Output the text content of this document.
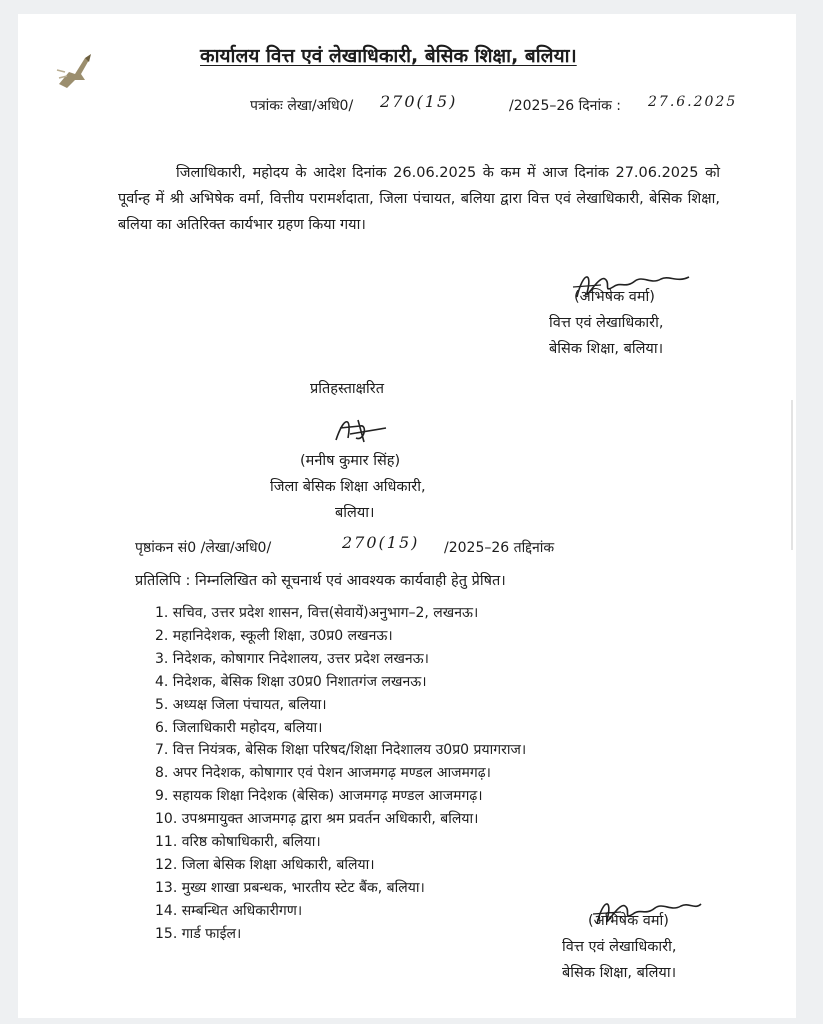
कार्यालय वित्त एवं लेखाधिकारी, बेसिक शिक्षा, बलिया।
पत्रांकः लेखा/अधि0/ 270(15)	/2025–26 दिनांक : 27.6.2025
जिलाधिकारी, महोदय के आदेश दिनांक 26.06.2025 के कम में आज दिनांक 27.06.2025 को पूर्वान्ह में श्री अभिषेक वर्मा, वित्तीय परामर्शदाता, जिला पंचायत, बलिया द्वारा वित्त एवं लेखाधिकारी, बेसिक शिक्षा, बलिया का अतिरिक्त कार्यभार ग्रहण किया गया।
(अभिषेक वर्मा)
वित्त एवं लेखाधिकारी,
बेसिक शिक्षा, बलिया।
प्रतिहस्ताक्षरित
(मनीष कुमार सिंह)
जिला बेसिक शिक्षा अधिकारी,
बलिया।
पृष्ठांकन सं0 /लेखा/अधि0/	270(15) /2025–26 तद्दिनांक
प्रतिलिपि : निम्नलिखित को सूचनार्थ एवं आवश्यक कार्यवाही हेतु प्रेषित।
1. सचिव, उत्तर प्रदेश शासन, वित्त(सेवायें)अनुभाग–2, लखनऊ।
2. महानिदेशक, स्कूली शिक्षा, उ0प्र0 लखनऊ।
3. निदेशक, कोषागार निदेशालय, उत्तर प्रदेश लखनऊ।
4. निदेशक, बेसिक शिक्षा उ0प्र0 निशातगंज लखनऊ।
5. अध्यक्ष जिला पंचायत, बलिया।
6. जिलाधिकारी महोदय, बलिया।
7. वित्त नियंत्रक, बेसिक शिक्षा परिषद/शिक्षा निदेशालय उ0प्र0 प्रयागराज।
8. अपर निदेशक, कोषागार एवं पेशन आजमगढ़ मण्डल आजमगढ़।
9. सहायक शिक्षा निदेशक (बेसिक) आजमगढ़ मण्डल आजमगढ़।
10. उपश्रमायुक्त आजमगढ़ द्वारा श्रम प्रवर्तन अधिकारी, बलिया।
11. वरिष्ठ कोषाधिकारी, बलिया।
12. जिला बेसिक शिक्षा अधिकारी, बलिया।
13. मुख्य शाखा प्रबन्धक, भारतीय स्टेट बैंक, बलिया।
14. सम्बन्धित अधिकारीगण।
15. गार्ड फाईल।
(अभिषेक वर्मा)
वित्त एवं लेखाधिकारी,
बेसिक शिक्षा, बलिया।
